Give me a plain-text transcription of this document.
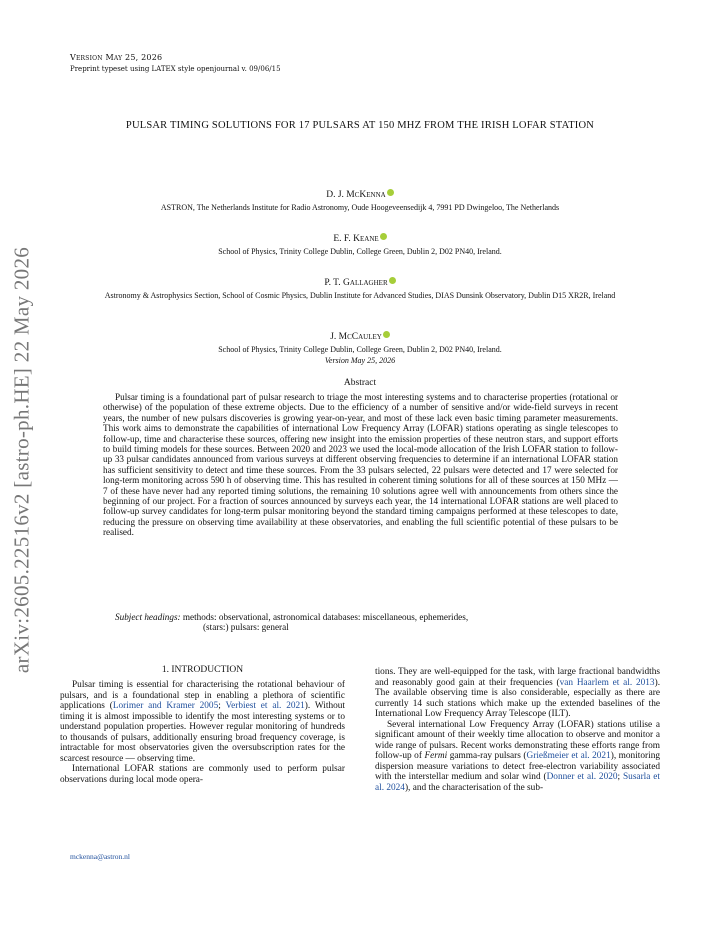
arXiv:2605.22516v2 [astro-ph.HE] 22 May 2026
Version May 25, 2026
Preprint typeset using LATEX style openjournal v. 09/06/15
PULSAR TIMING SOLUTIONS FOR 17 PULSARS AT 150 MHZ FROM THE IRISH LOFAR STATION
D. J. McKenna
ASTRON, The Netherlands Institute for Radio Astronomy, Oude Hoogeveensedijk 4, 7991 PD Dwingeloo, The Netherlands
E. F. Keane
School of Physics, Trinity College Dublin, College Green, Dublin 2, D02 PN40, Ireland.
P. T. Gallagher
Astronomy & Astrophysics Section, School of Cosmic Physics, Dublin Institute for Advanced Studies, DIAS Dunsink Observatory, Dublin D15 XR2R, Ireland
J. McCauley
School of Physics, Trinity College Dublin, College Green, Dublin 2, D02 PN40, Ireland.
Version May 25, 2026
Abstract
Pulsar timing is a foundational part of pulsar research to triage the most interesting systems and to characterise properties (rotational or otherwise) of the population of these extreme objects. Due to the efficiency of a number of sensitive and/or wide-field surveys in recent years, the number of new pulsars discoveries is growing year-on-year, and most of these lack even basic timing parameter measurements. This work aims to demonstrate the capabilities of international Low Frequency Array (LOFAR) stations operating as single telescopes to follow-up, time and characterise these sources, offering new insight into the emission properties of these neutron stars, and support efforts to build timing models for these sources. Between 2020 and 2023 we used the local-mode allocation of the Irish LOFAR station to follow-up 33 pulsar candidates announced from various surveys at different observing frequencies to determine if an international LOFAR station has sufficient sensitivity to detect and time these sources. From the 33 pulsars selected, 22 pulsars were detected and 17 were selected for long-term monitoring across 590 h of observing time. This has resulted in coherent timing solutions for all of these sources at 150 MHz — 7 of these have never had any reported timing solutions, the remaining 10 solutions agree well with announcements from others since the beginning of our project. For a fraction of sources announced by surveys each year, the 14 international LOFAR stations are well placed to follow-up survey candidates for long-term pulsar monitoring beyond the standard timing campaigns performed at these telescopes to date, reducing the pressure on observing time availability at these observatories, and enabling the full scientific potential of these pulsars to be realised.
Subject headings: methods: observational, astronomical databases: miscellaneous, ephemerides,
(stars:) pulsars: general
1. INTRODUCTION

Pulsar timing is essential for characterising the rotational behaviour of pulsars, and is a foundational step in enabling a plethora of scientific applications (Lorimer and Kramer 2005; Verbiest et al. 2021). Without timing it is almost impossible to identify the most interesting systems or to understand population properties. However regular monitoring of hundreds to thousands of pulsars, additionally ensuring broad frequency coverage, is intractable for most observatories given the oversubscription rates for the scarcest resource — observing time.

International LOFAR stations are commonly used to perform pulsar observations during local mode opera-

tions. They are well-equipped for the task, with large fractional bandwidths and reasonably good gain at their frequencies (van Haarlem et al. 2013). The available observing time is also considerable, especially as there are currently 14 such stations which make up the extended baselines of the International Low Frequency Array Telescope (ILT).

Several international Low Frequency Array (LOFAR) stations utilise a significant amount of their weekly time allocation to observe and monitor a wide range of pulsars. Recent works demonstrating these efforts range from follow-up of Fermi gamma-ray pulsars (Grießmeier et al. 2021), monitoring dispersion measure variations to detect free-electron variability associated with the interstellar medium and solar wind (Donner et al. 2020; Susarla et al. 2024), and the characterisation of the sub-

mckenna@astron.nl
